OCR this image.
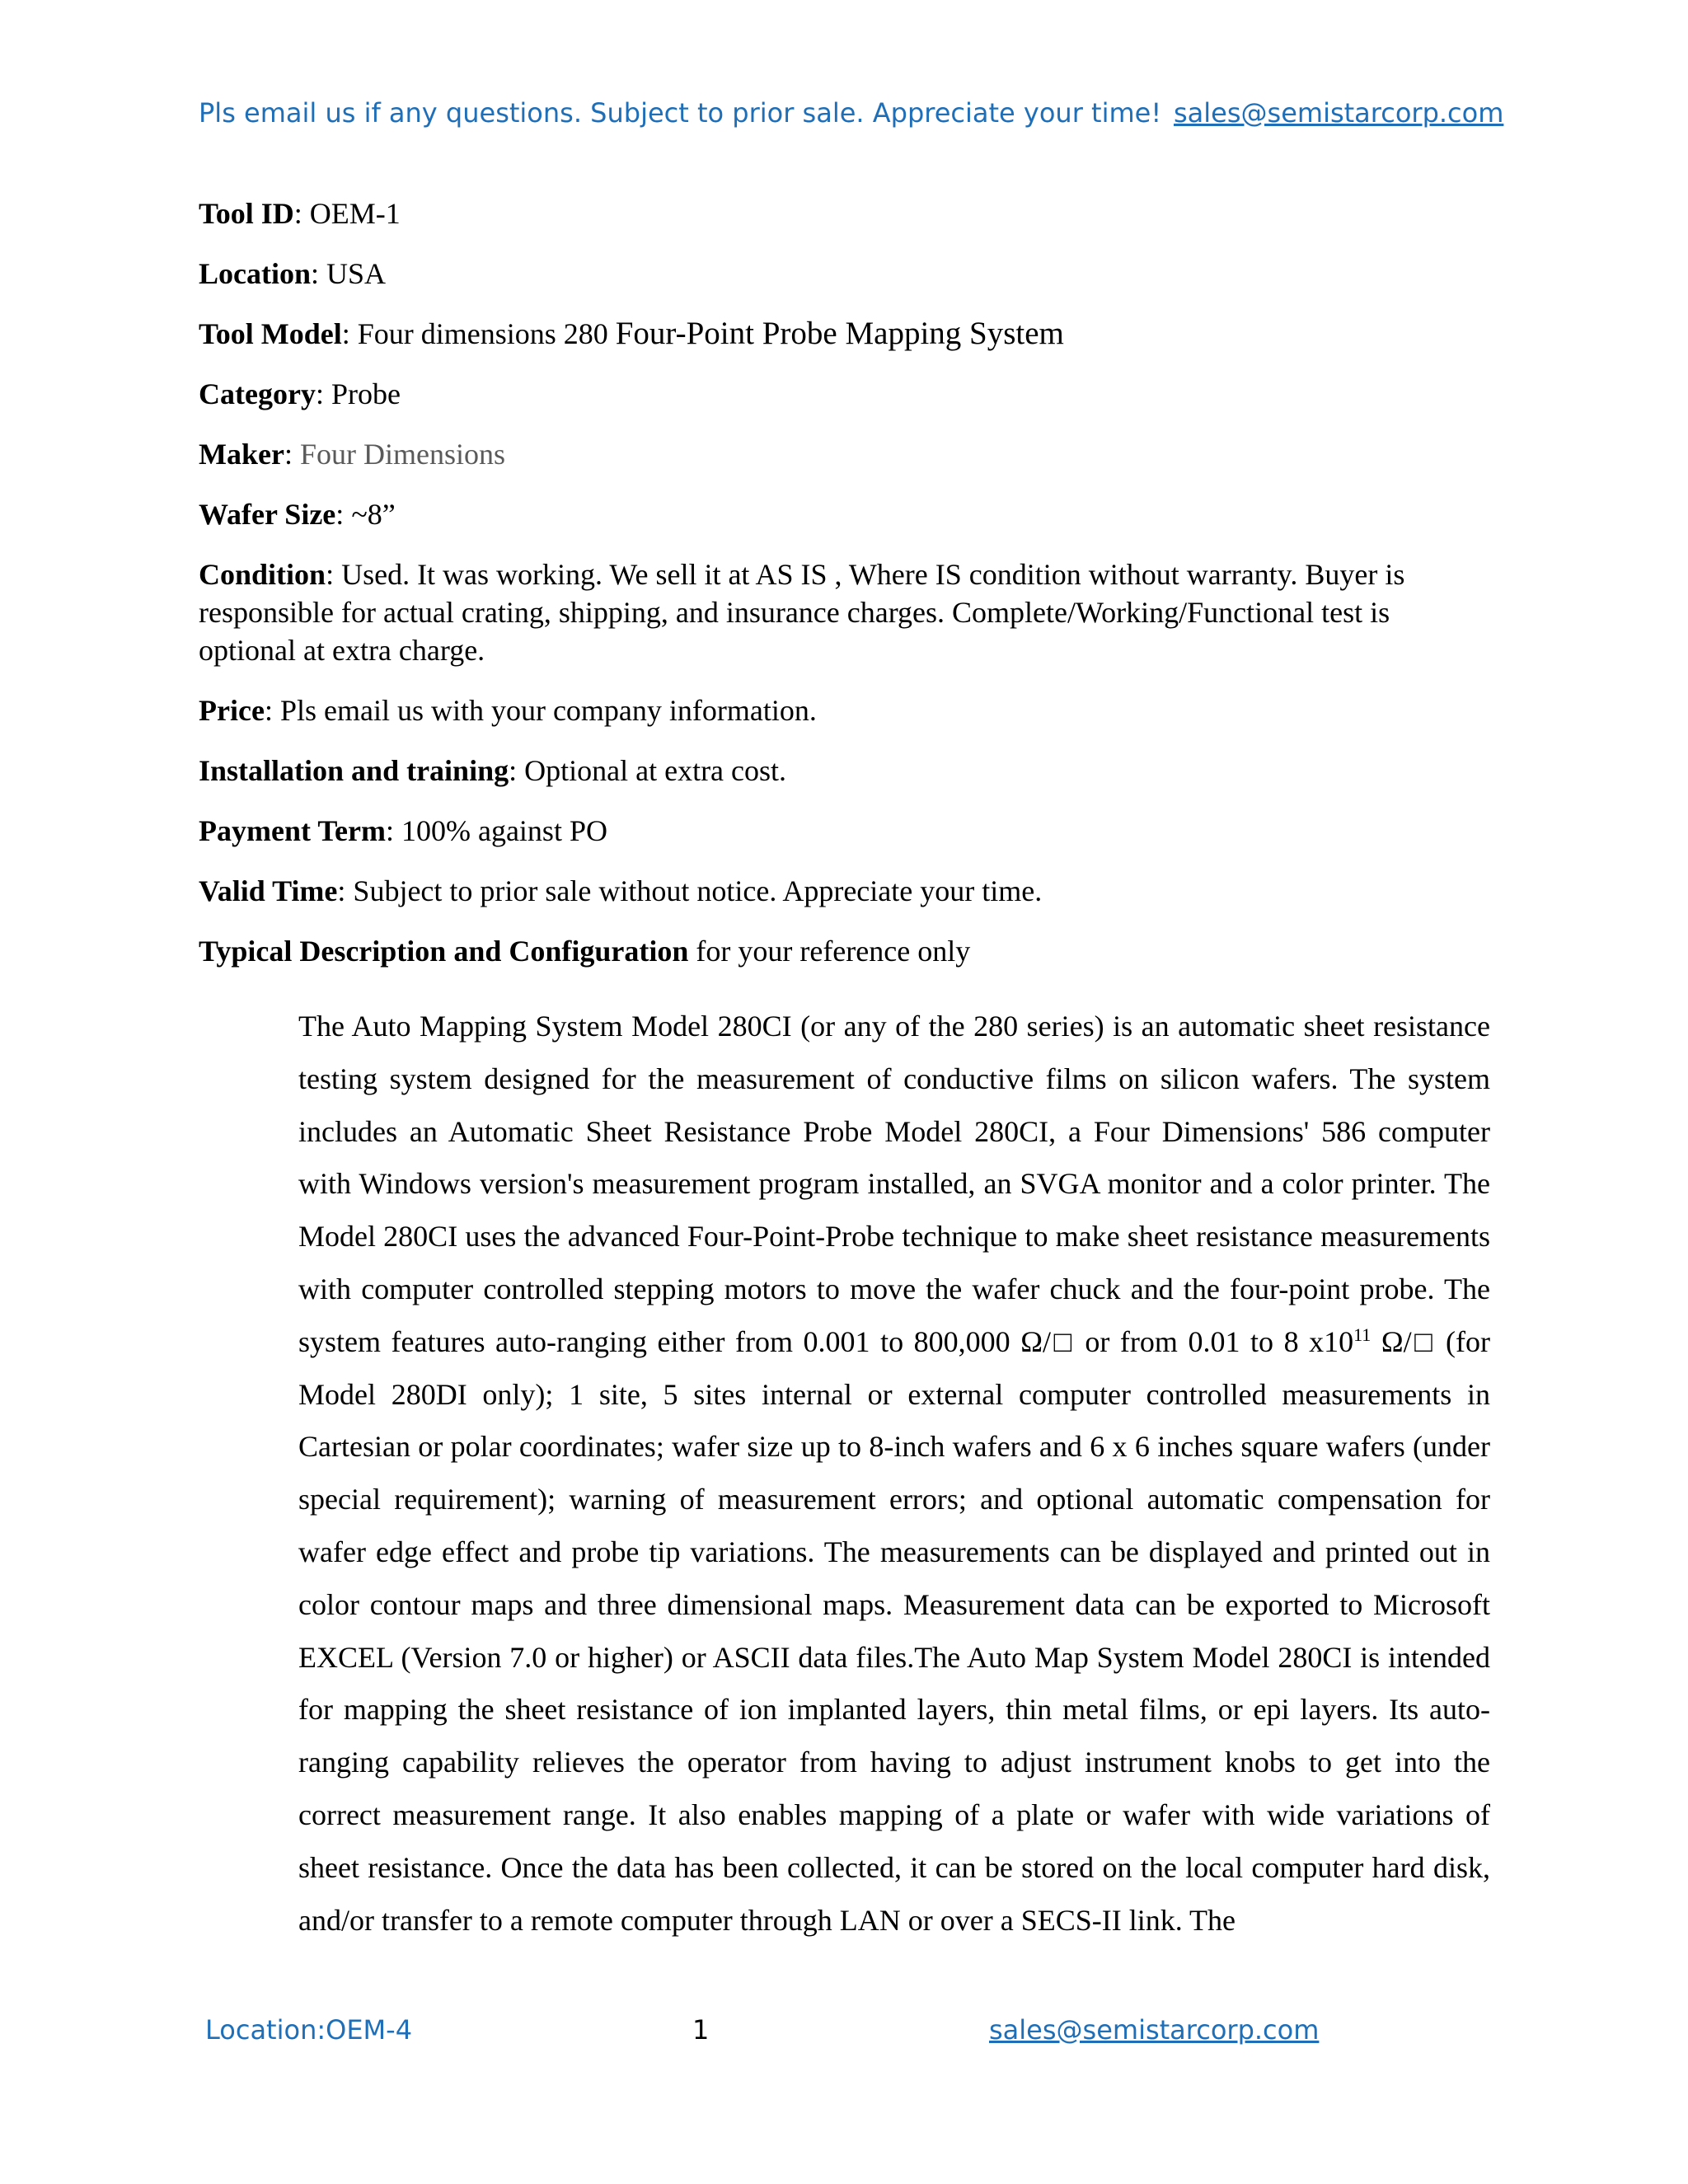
Pls email us if any questions. Subject to prior sale. Appreciate your time! sales@semistarcorp.com
Tool ID: OEM-1
Location: USA
Tool Model: Four dimensions 280 Four-Point Probe Mapping System
Category: Probe
Maker: Four Dimensions
Wafer Size: ~8”
Condition: Used. It was working. We sell it at AS IS , Where IS condition without warranty. Buyer is responsible for actual crating, shipping, and insurance charges. Complete/Working/Functional test is optional at extra charge.
Price: Pls email us with your company information.
Installation and training: Optional at extra cost.
Payment Term: 100% against PO
Valid Time: Subject to prior sale without notice. Appreciate your time.
Typical Description and Configuration for your reference only

The Auto Mapping System Model 280CI (or any of the 280 series) is an automatic sheet resistance testing system designed for the measurement of conductive films on silicon wafers. The system includes an Automatic Sheet Resistance Probe Model 280CI, a Four Dimensions' 586 computer with Windows version's measurement program installed, an SVGA monitor and a color printer. The Model 280CI uses the advanced Four-Point-Probe technique to make sheet resistance measurements with computer controlled stepping motors to move the wafer chuck and the four-point probe. The system features auto-ranging either from 0.001 to 800,000 Ω/□ or from 0.01 to 8 $x10^{11}$ Ω/□ (for Model 280DI only); 1 site, 5 sites internal or external computer controlled measurements in Cartesian or polar coordinates; wafer size up to 8-inch wafers and 6 x 6 inches square wafers (under special requirement); warning of measurement errors; and optional automatic compensation for wafer edge effect and probe tip variations. The measurements can be displayed and printed out in color contour maps and three dimensional maps. Measurement data can be exported to Microsoft EXCEL (Version 7.0 or higher) or ASCII data files.The Auto Map System Model 280CI is intended for mapping the sheet resistance of ion implanted layers, thin metal films, or epi layers. Its auto-ranging capability relieves the operator from having to adjust instrument knobs to get into the correct measurement range. It also enables mapping of a plate or wafer with wide variations of sheet resistance. Once the data has been collected, it can be stored on the local computer hard disk, and/or transfer to a remote computer through LAN or over a SECS-II link. The

Location:OEM-4	1	sales@semistarcorp.com
